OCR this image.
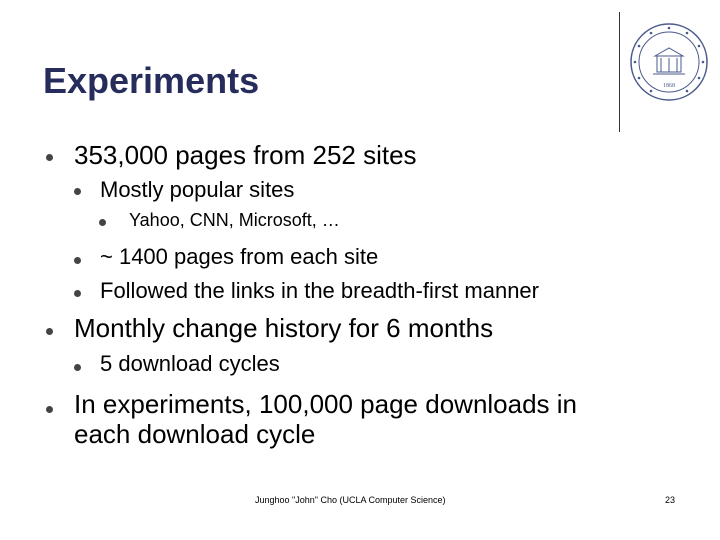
Experiments	1868
353,000 pages from 252 sites
Mostly popular sites
Yahoo, CNN, Microsoft, …
~ 1400 pages from each site
Followed the links in the breadth-first manner
Monthly change history for 6 months
5 download cycles
In experiments, 100,000 page downloads in
each download cycle
Junghoo "John" Cho (UCLA Computer Science)	23
